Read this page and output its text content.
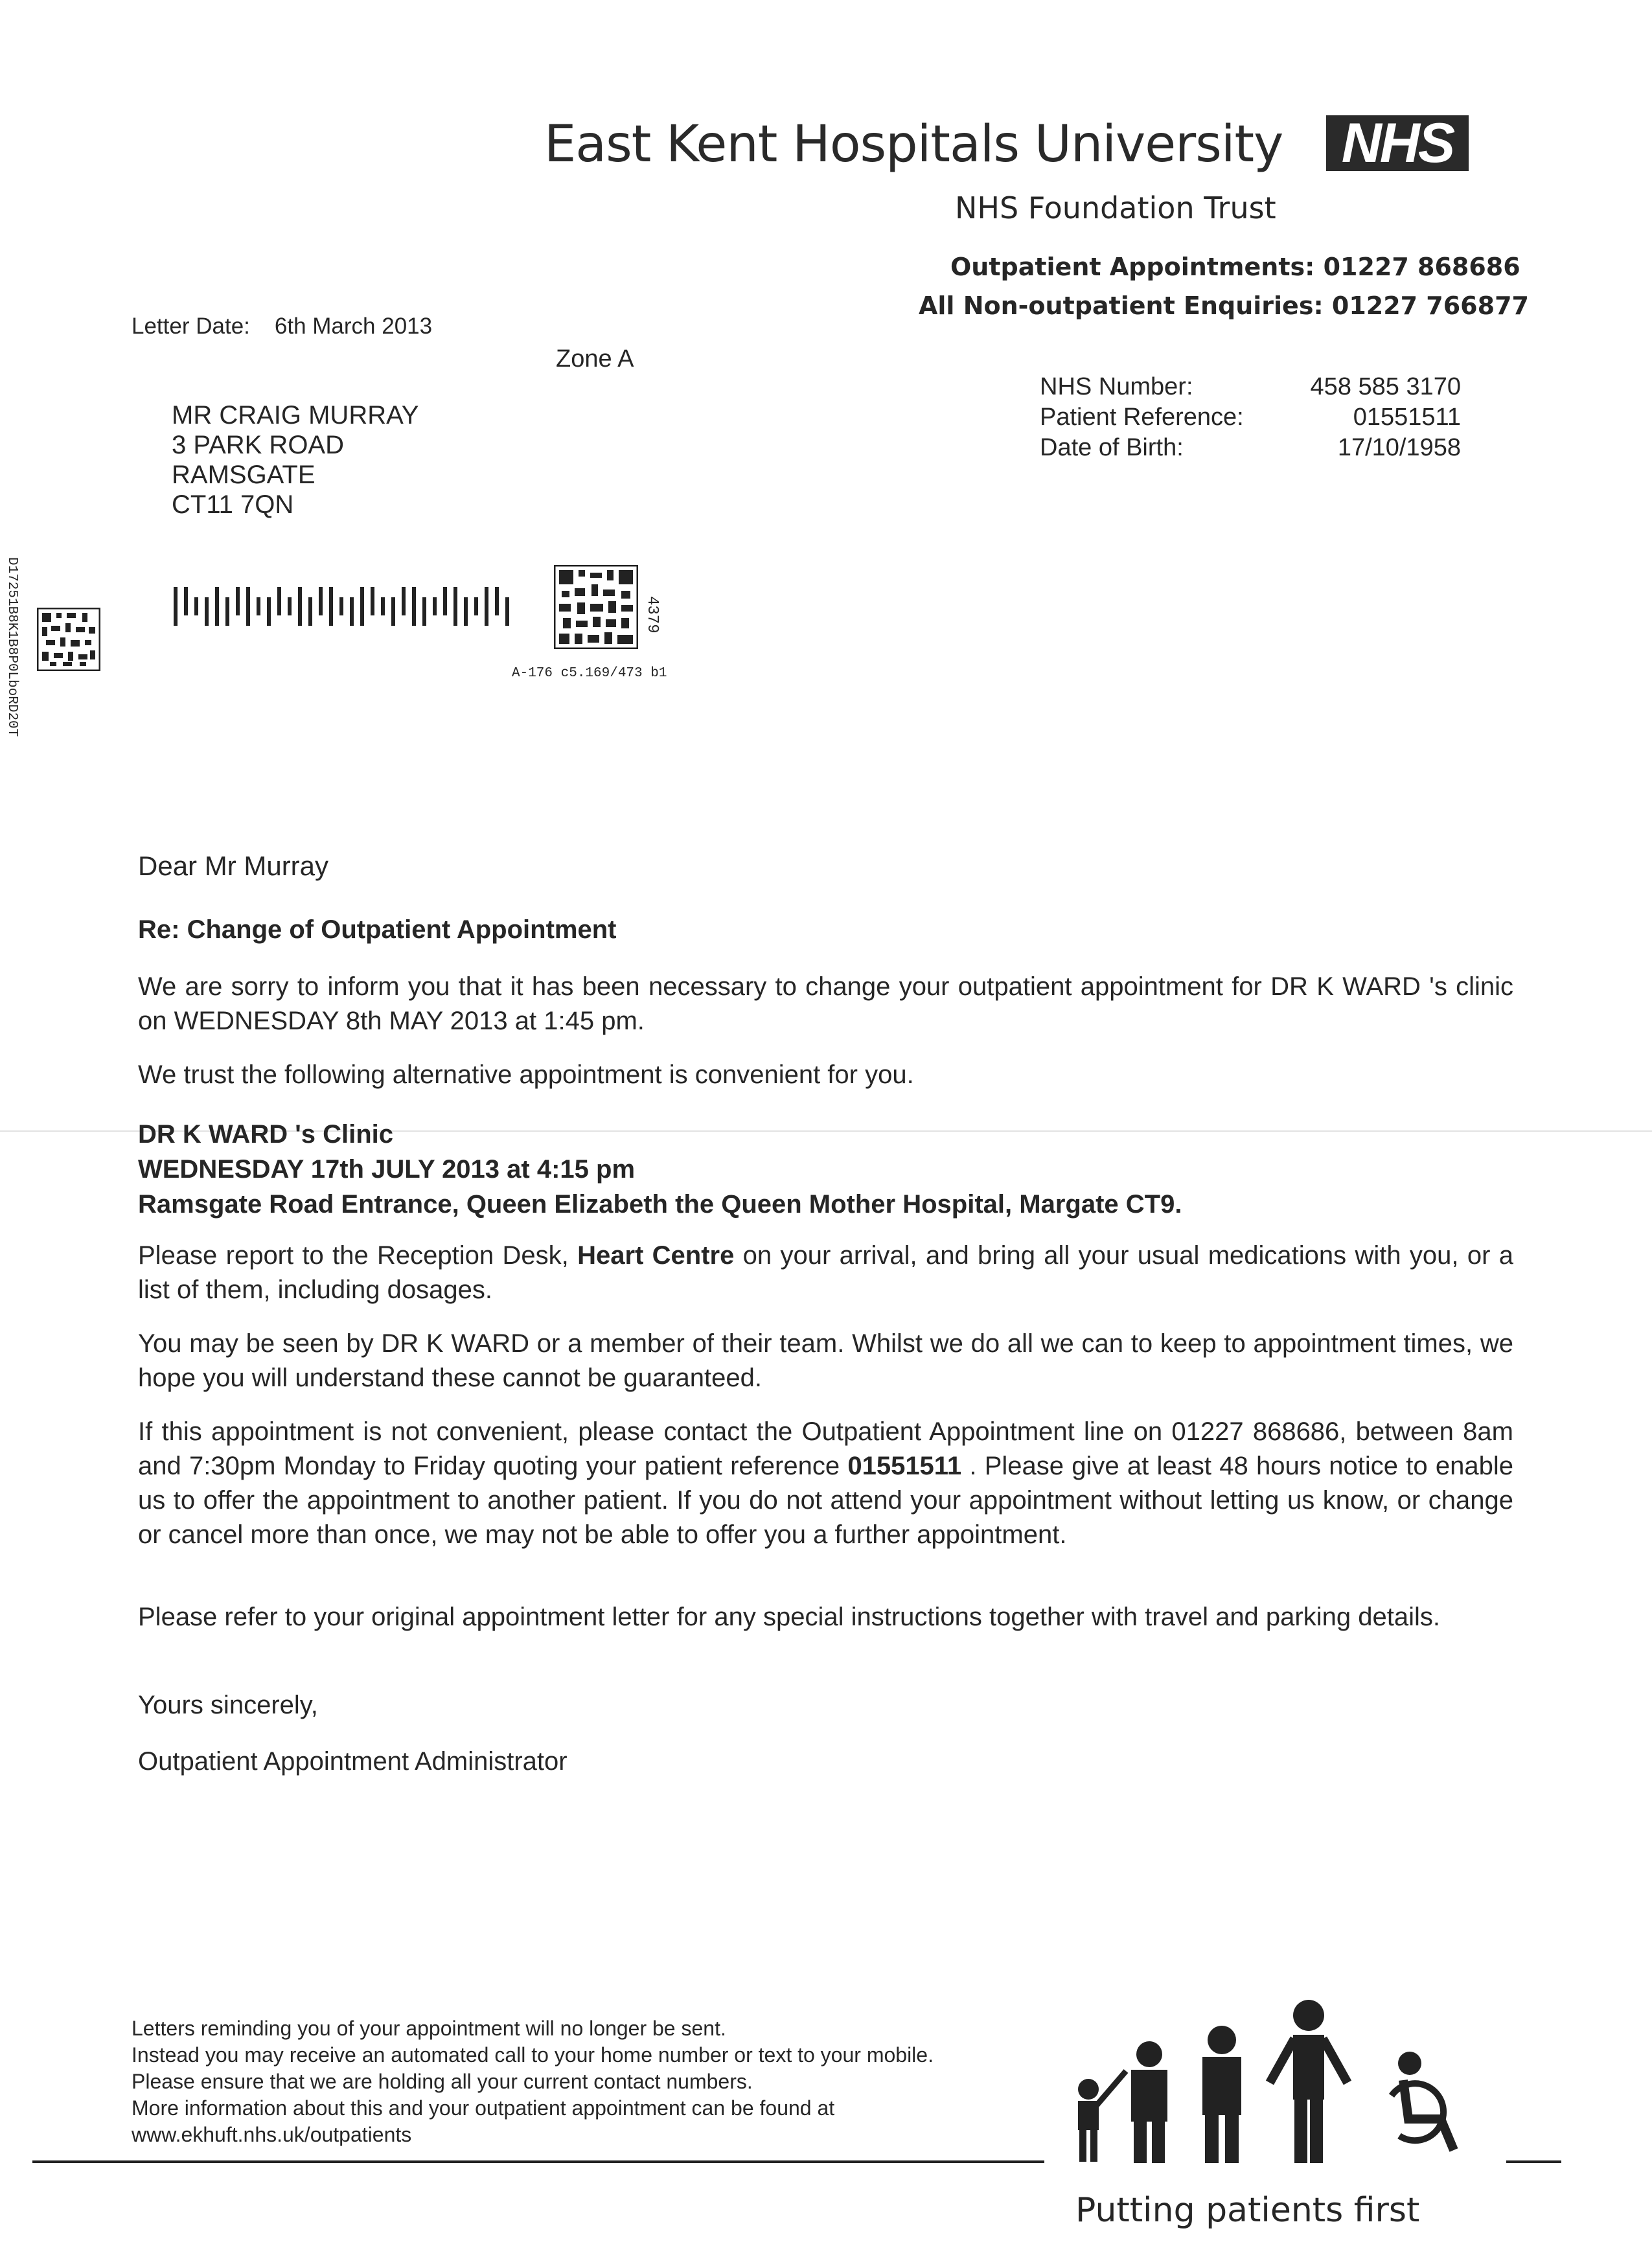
East Kent Hospitals University NHS
NHS Foundation Trust
Outpatient Appointments: 01227 868686
All Non-outpatient Enquiries: 01227 766877
Letter Date: 6th March 2013
Zone A
NHS Number:	458 585 3170
Patient Reference:	01551511
Date of Birth:	17/10/1958
MR CRAIG MURRAY
3 PARK ROAD
RAMSGATE
CT11 7QN
D17251B8K1B8P0LboRD20T	4379
A-176 c5.169/473 b1
Dear Mr Murray
Re: Change of Outpatient Appointment
We are sorry to inform you that it has been necessary to change your outpatient appointment for DR K WARD 's clinic on WEDNESDAY 8th MAY 2013 at 1:45 pm.
We trust the following alternative appointment is convenient for you.
DR K WARD 's Clinic
WEDNESDAY 17th JULY 2013 at 4:15 pm
Ramsgate Road Entrance, Queen Elizabeth the Queen Mother Hospital, Margate CT9.
Please report to the Reception Desk, Heart Centre on your arrival, and bring all your usual medications with you, or a list of them, including dosages.
You may be seen by DR K WARD or a member of their team. Whilst we do all we can to keep to appointment times, we hope you will understand these cannot be guaranteed.
If this appointment is not convenient, please contact the Outpatient Appointment line on 01227 868686, between 8am and 7:30pm Monday to Friday quoting your patient reference 01551511 . Please give at least 48 hours notice to enable us to offer the appointment to another patient. If you do not attend your appointment without letting us know, or change or cancel more than once, we may not be able to offer you a further appointment.
Please refer to your original appointment letter for any special instructions together with travel and parking details.
Yours sincerely,
Outpatient Appointment Administrator
Letters reminding you of your appointment will no longer be sent.
Instead you may receive an automated call to your home number or text to your mobile.
Please ensure that we are holding all your current contact numbers.
More information about this and your outpatient appointment can be found at
www.ekhuft.nhs.uk/outpatients
Putting patients first
